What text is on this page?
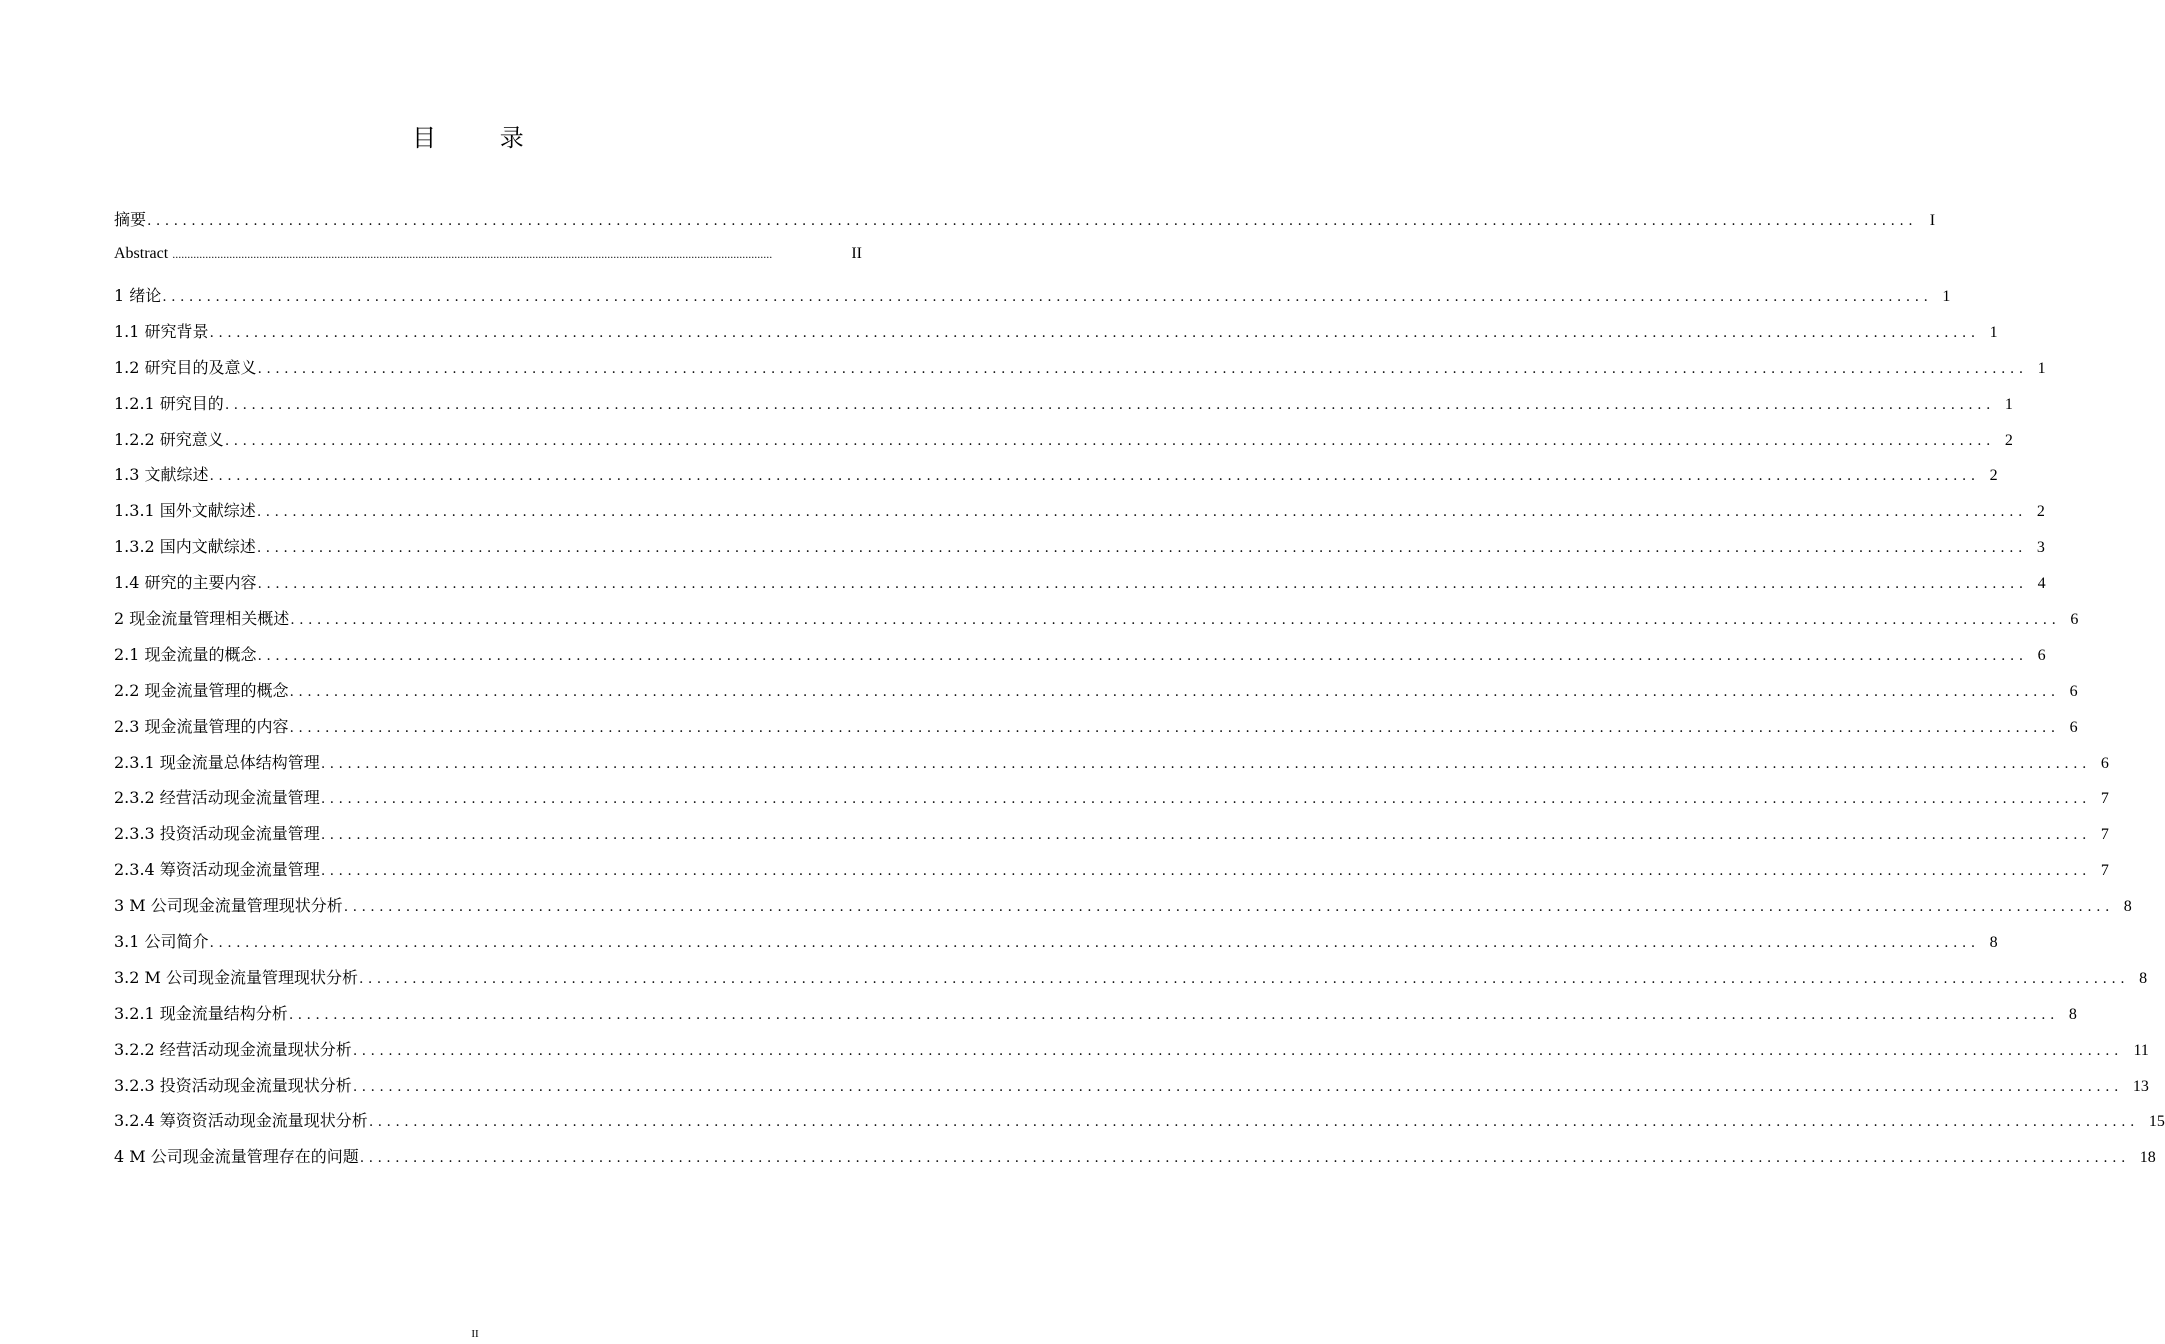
目 录
摘要 ........................................................................................................................................................................................................ I
Abstract ........................................................................................................................................................................................................	II
1 绪论 ........................................................................................................................................................................................................ 1
1.1 研究背景 ........................................................................................................................................................................................................ 1
1.2 研究目的及意义 ........................................................................................................................................................................................................ 1
1.2.1 研究目的 ........................................................................................................................................................................................................ 1
1.2.2 研究意义 ........................................................................................................................................................................................................ 2
1.3 文献综述 ........................................................................................................................................................................................................ 2
1.3.1 国外文献综述 ........................................................................................................................................................................................................ 2
1.3.2 国内文献综述 ........................................................................................................................................................................................................ 3
1.4 研究的主要内容 ........................................................................................................................................................................................................ 4
2 现金流量管理相关概述 ........................................................................................................................................................................................................ 6
2.1 现金流量的概念 ........................................................................................................................................................................................................ 6
2.2 现金流量管理的概念 ........................................................................................................................................................................................................ 6
2.3 现金流量管理的内容 ........................................................................................................................................................................................................ 6
2.3.1 现金流量总体结构管理 ........................................................................................................................................................................................................ 6
2.3.2 经营活动现金流量管理 ........................................................................................................................................................................................................ 7
2.3.3 投资活动现金流量管理 ........................................................................................................................................................................................................ 7
2.3.4 筹资活动现金流量管理 ........................................................................................................................................................................................................ 7
3 M 公司现金流量管理现状分析 ........................................................................................................................................................................................................ 8
3.1 公司简介 ........................................................................................................................................................................................................ 8
3.2 M 公司现金流量管理现状分析 ........................................................................................................................................................................................................ 8
3.2.1 现金流量结构分析 ........................................................................................................................................................................................................ 8
3.2.2 经营活动现金流量现状分析 ........................................................................................................................................................................................................ 11
3.2.3 投资活动现金流量现状分析 ........................................................................................................................................................................................................ 13
3.2.4 筹资资活动现金流量现状分析 ........................................................................................................................................................................................................ 15
4 M 公司现金流量管理存在的问题 ........................................................................................................................................................................................................ 18
II
